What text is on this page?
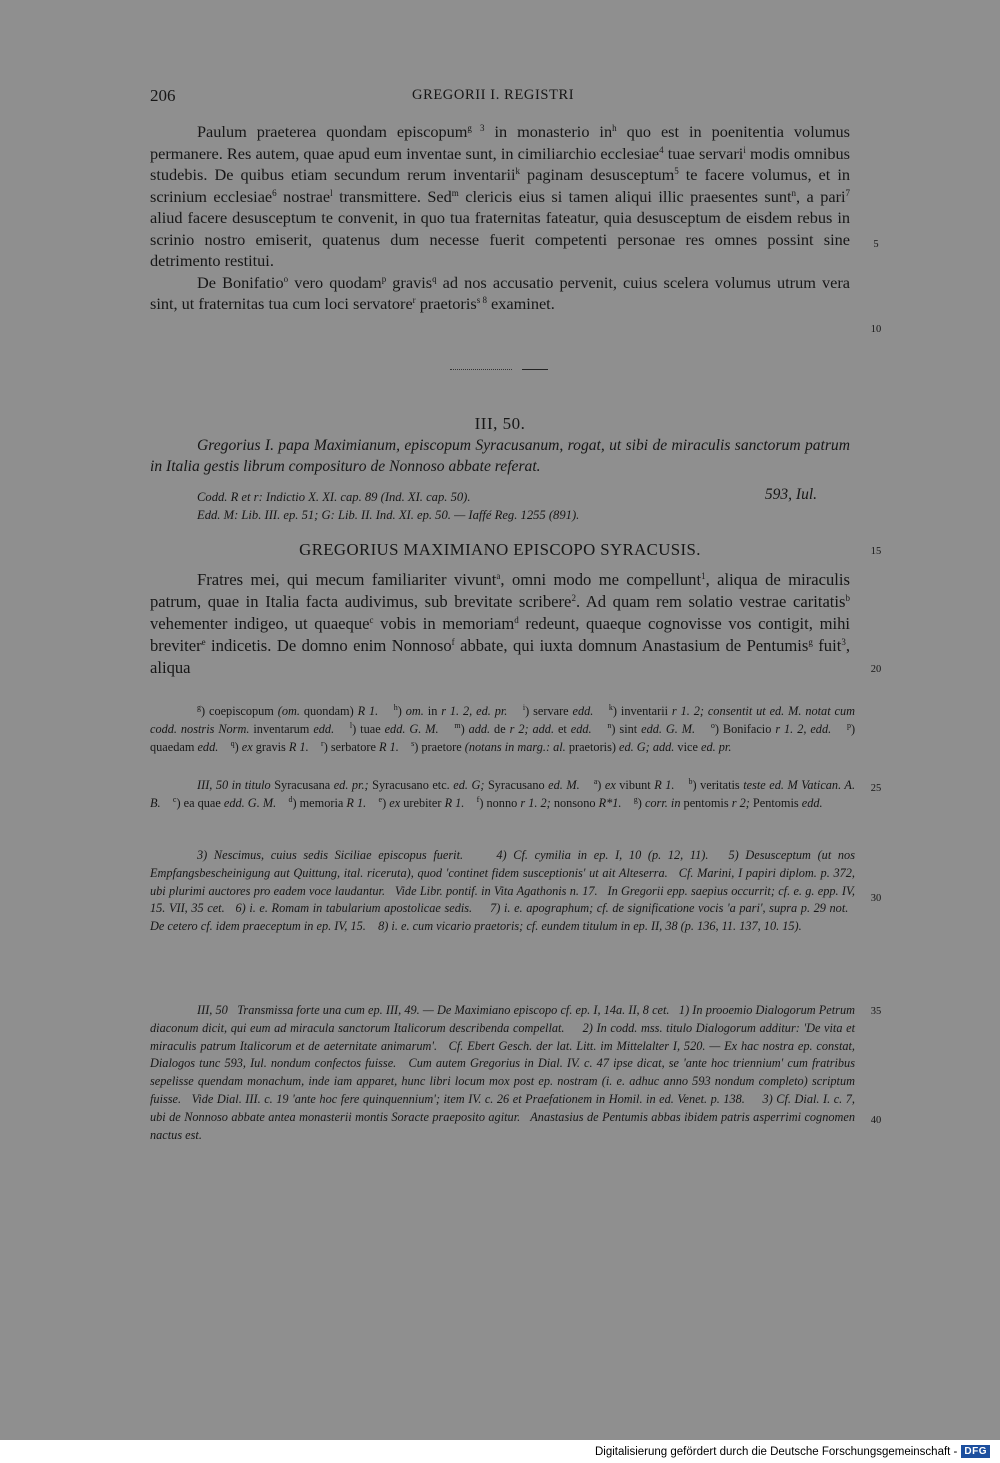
206	GREGORII I. REGISTRI

Paulum praeterea quondam episcopum$^{g 3}$ in monasterio $in^h$ quo est in poenitentia volumus permanere. Res autem, quae apud eum inventae sunt, in cimiliarchio ecclesiae$^4$ tuae servari$^i$ modis omnibus studebis. De quibus etiam secundum rerum inventarii$^k$ paginam desusceptum$^5$ te facere volumus, et in scrinium ecclesiae$^6$ nostrae$^l$ transmittere. Sed$^m$ clericis eius si tamen aliqui illic praesentes sunt$^n$, a pari$^7$ aliud facere desusceptum te convenit, in quo tua fraternitas fateatur, quia desusceptum de eisdem rebus in scrinio nostro emiserit, quatenus dum necesse fuerit competenti personae res omnes possint sine detrimento restitui.

De Bonifatio$^o$ vero quodam$^p$ gravis$^q$ ad nos accusatio pervenit, cuius scelera volumus utrum vera sint, ut fraternitas tua cum loci servatore$^r$ praetoris$^{s 8}$ examinet.

III, 50.

Gregorius I. papa Maximianum, episcopum Syracusanum, rogat, ut sibi de miraculis sanctorum patrum in Italia gestis librum compositurо de Nonnoso abbate referat.

Codd. R et r: Indictio X. XI. cap. 89 (Ind. XI. cap. 50).	593, Iul.
Edd. M: Lib. III. ep. 51; G: Lib. II. Ind. XI. ep. 50. — Iaffé Reg. 1255 (891).
GREGORIUS MAXIMIANO EPISCOPO SYRACUSIS.

Fratres mei, qui mecum familiariter vivunt$^a$, omni modo me compellunt$^1$, aliqua de miraculis patrum, quae in Italia facta audivimus, sub brevitate scribere$^2$. Ad quam rem solatio vestrae caritatis$^b$ vehementer indigeo, ut quaeque$^c$ vobis in memoriam$^d$ redeunt, quaeque cognovisse vos contigit, mihi breviter$^e$ indicetis. De domno enim Nonnoso$^f$ abbate, qui iuxta domnum Anastasium de Pentumis$^g$ fuit$^3$, aliqua

$^g$) coepiscopum (om. quondam) R 1. $^h$) om. in r 1. 2, ed. pr. $^i$) servare edd. $^k$) inventarii r 1. 2; consentit ut ed. M. notat cum codd. nostris Norm. inventarum edd. $^l$) tuae edd. G. M. $^m$) add. de r 2; add. et edd. $^n$) sint edd. G. M. $^o$) Bonifacio r 1. 2, edd. $^p$) quaedam edd. $^q$) ex gravis R 1. $^r$) serbatore R 1. $^s$) praetore (notans in marg.: al. praetoris) ed. G; add. vice ed. pr.

III, 50 in titulo Syracusana ed. pr.; Syracusano etc. ed. G; Syracusano ed. M. $^a$) ex vibunt R 1. $^b$) veritatis teste ed. M Vatican. A. B. $^c$) ea quae edd. G. M. $^d$) memoria R 1. $^e$) ex urebiter R 1. $^f$) nonno r 1. 2; nonsono R*1. $^g$) corr. in pentomis r 2; Pentomis edd.

3) Nescimus, cuius sedis Siciliae episcopus fuerit.     4) Cf. cymilia in ep. I, 10 (p. 12, 11).   5) Desusceptum (ut nos Empfangsbescheinigung aut Quittung, ital. riceruta), quod 'continet fidem susceptionis' ut ait Alteserra.   Cf. Marini, I papiri diplom. p. 372, ubi plurimi auctores pro eadem voce laudantur.   Vide Libr. pontif. in Vita Agathonis n. 17.   In Gregorii epp. saepius occurrit; cf. e. g. epp. IV, 15. VII, 35 cet.   6) i. e. Romam in tabularium apostolicae sedis.     7) i. e. apographum; cf. de significatione vocis 'a pari', supra p. 29 not.   De cetero cf. idem praeceptum in ep. IV, 15.    8) i. e. cum vicario praetoris; cf. eundem titulum in ep. II, 38 (p. 136, 11. 137, 10. 15).

III, 50   Transmissa forte una cum ep. III, 49. — De Maximiano episcopo cf. ep. I, 14a. II, 8 cet.   1) In prooemio Dialogorum Petrum diaconum dicit, qui eum ad miracula sanctorum Italicorum describenda compellat.     2) In codd. mss. titulo Dialogorum additur: 'De vita et miraculis patrum Italicorum et de aeternitate animarum'.   Cf. Ebert Gesch. der lat. Litt. im Mittelalter I, 520. — Ex hac nostra ep. constat, Dialogos tunc 593, Iul. nondum confectos fuisse.   Cum autem Gregorius in Dial. IV. c. 47 ipse dicat, se 'ante hoc triennium' cum fratribus sepelisse quendam monachum, inde iam apparet, hunc libri locum mox post ep. nostram (i. e. adhuc anno 593 nondum completo) scriptum fuisse.   Vide Dial. III. c. 19 'ante hoc fere quinquennium'; item IV. c. 26 et Praefationem in Homil. in ed. Venet. p. 138.     3) Cf. Dial. I. c. 7, ubi de Nonnoso abbate antea monasterii montis Soracte praeposito agitur.   Anastasius de Pentumis abbas ibidem patris asperrimi cognomen nactus est.

5
10
15
20
25
30
35
40
Digitalisierung gefördert durch die Deutsche Forschungsgemeinschaft - DFG
